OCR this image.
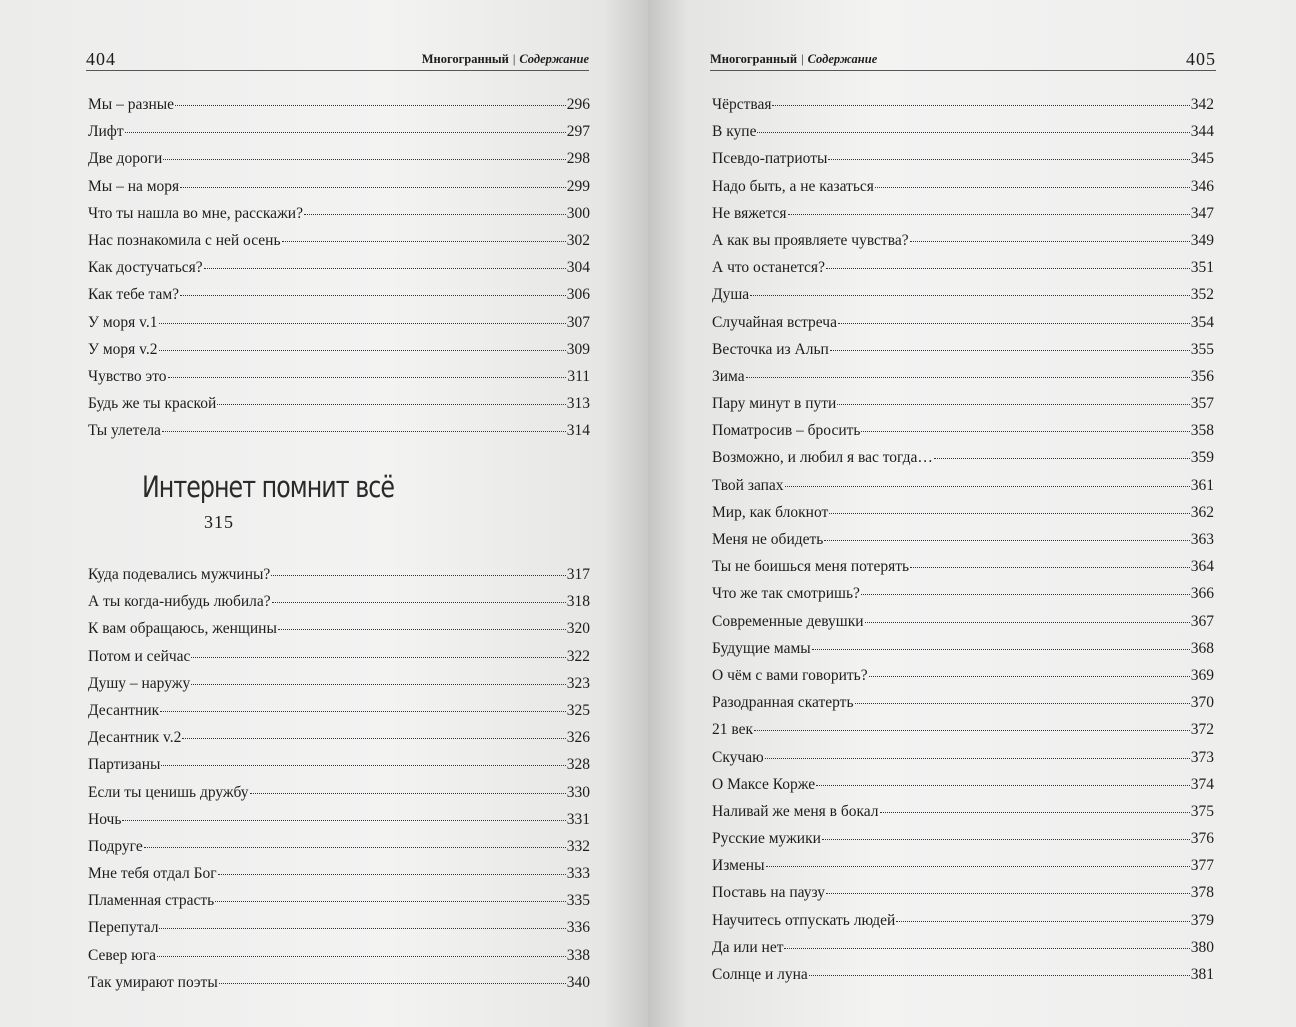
404	Многогранный | Содержание
Мы – разные	296
Лифт	297
Две дороги	298
Мы – на моря	299
Что ты нашла во мне, расскажи?	300
Нас познакомила с ней осень	302
Как достучаться?	304
Как тебе там?	306
У моря v.1	307
У моря v.2	309
Чувство это	311
Будь же ты краской	313
Ты улетела	314
Интернет помнит всё
315
Куда подевались мужчины?	317
А ты когда-нибудь любила?	318
К вам обращаюсь, женщины	320
Потом и сейчас	322
Душу – наружу	323
Десантник	325
Десантник v.2	326
Партизаны	328
Если ты ценишь дружбу	330
Ночь	331
Подруге	332
Мне тебя отдал Бог	333
Пламенная страсть	335
Перепутал	336
Север юга	338
Так умирают поэты	340
Многогранный | Содержание	405
Чёрствая	342
В купе	344
Псевдо-патриоты	345
Надо быть, а не казаться	346
Не вяжется	347
А как вы проявляете чувства?	349
А что останется?	351
Душа	352
Случайная встреча	354
Весточка из Альп	355
Зима	356
Пару минут в пути	357
Поматросив – бросить	358
Возможно, и любил я вас тогда…	359
Твой запах	361
Мир, как блокнот	362
Меня не обидеть	363
Ты не боишься меня потерять	364
Что же так смотришь?	366
Современные девушки	367
Будущие мамы	368
О чём с вами говорить?	369
Разодранная скатерть	370
21 век	372
Скучаю	373
О Максе Корже	374
Наливай же меня в бокал	375
Русские мужики	376
Измены	377
Поставь на паузу	378
Научитесь отпускать людей	379
Да или нет	380
Солнце и луна	381
